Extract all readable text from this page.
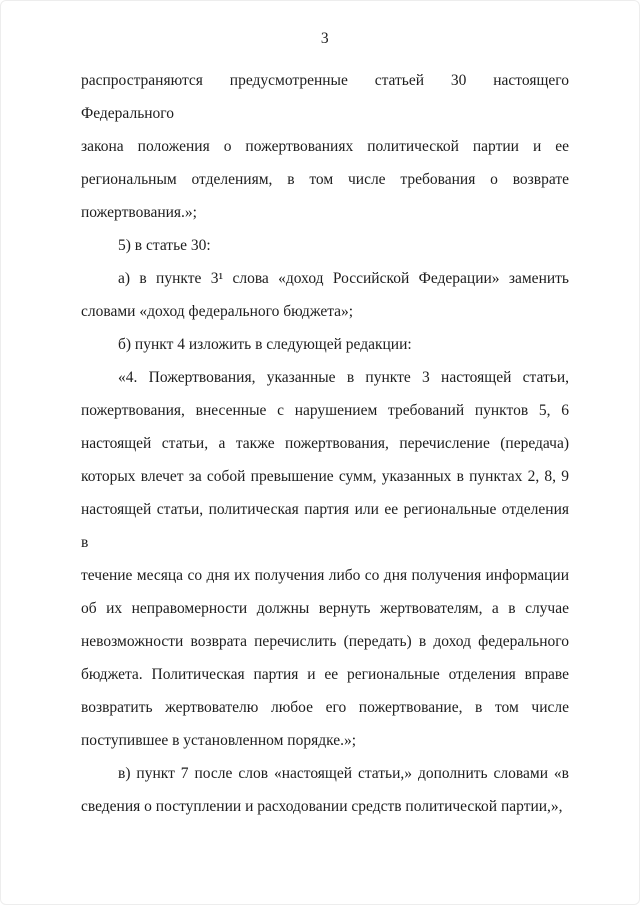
3

распространяются предусмотренные статьей 30 настоящего Федерального
закона положения о пожертвованиях политической партии и ее
региональным отделениям, в том числе требования о возврате
пожертвования.»;

5) в статье 30:

а) в пункте 3¹ слова «доход Российской Федерации» заменить
словами «доход федерального бюджета»;

б) пункт 4 изложить в следующей редакции:

«4. Пожертвования, указанные в пункте 3 настоящей статьи,
пожертвования, внесенные с нарушением требований пунктов 5, 6
настоящей статьи, а также пожертвования, перечисление (передача)
которых влечет за собой превышение сумм, указанных в пунктах 2, 8, 9
настоящей статьи, политическая партия или ее региональные отделения в
течение месяца со дня их получения либо со дня получения информации
об их неправомерности должны вернуть жертвователям, а в случае
невозможности возврата перечислить (передать) в доход федерального
бюджета. Политическая партия и ее региональные отделения вправе
возвратить жертвователю любое его пожертвование, в том числе
поступившее в установленном порядке.»;

в) пункт 7 после слов «настоящей статьи,» дополнить словами «в
сведения о поступлении и расходовании средств политической партии,»,
